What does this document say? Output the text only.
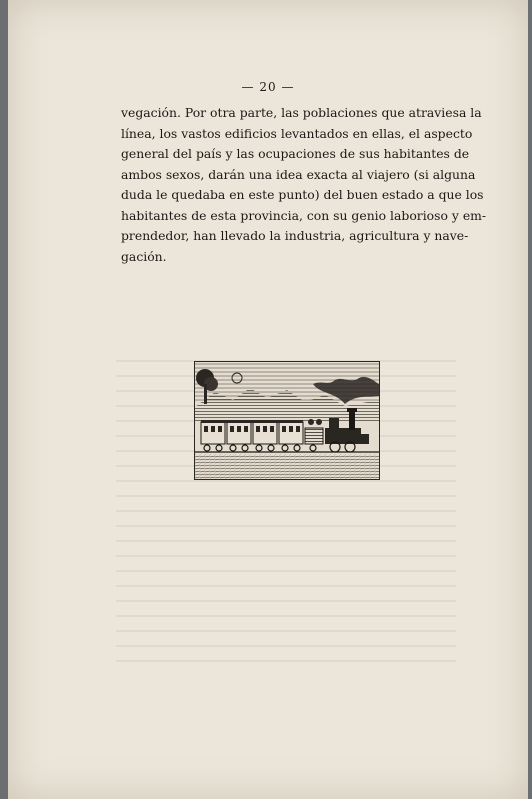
— 20 —
vegación. Por otra parte, las poblaciones que atraviesa la
línea, los vastos edificios levantados en ellas, el aspecto
general del país y las ocupaciones de sus habitantes de
ambos sexos, darán una idea exacta al viajero (si alguna
duda le quedaba en este punto) del buen estado a que los
habitantes de esta provincia, con su genio laborioso y em-
prendedor, han llevado la industria, agricultura y nave-
gación.
